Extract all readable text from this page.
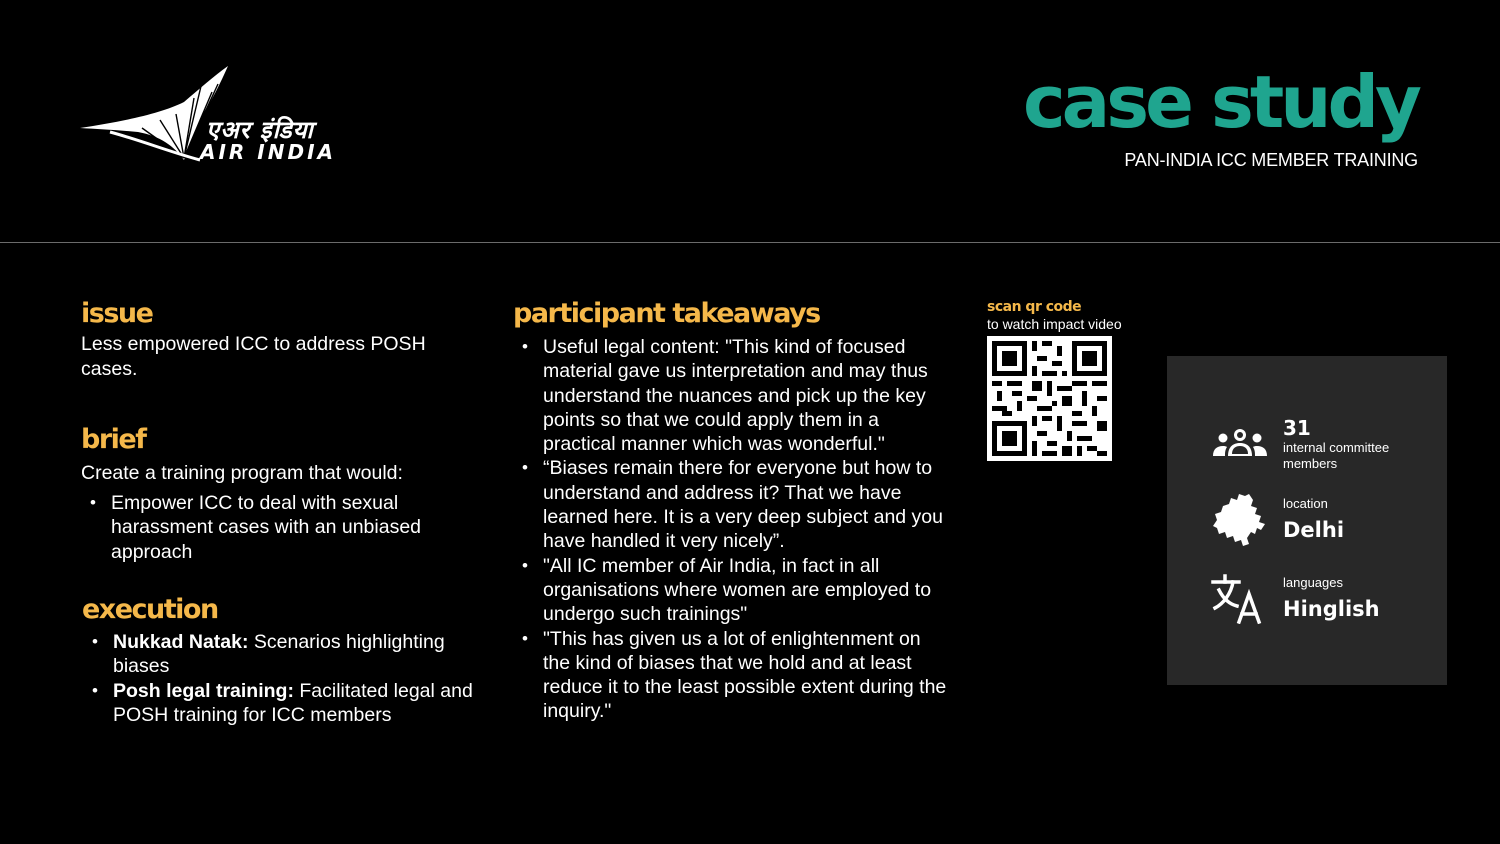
एअर इंडिया
AIR INDIA
case study
PAN-INDIA ICC MEMBER TRAINING
issue
Less empowered ICC to address POSH cases.
brief
Create a training program that would:
• Empower ICC to deal with sexual harassment cases with an unbiased approach
execution
• Nukkad Natak: Scenarios highlighting biases
• Posh legal training: Facilitated legal and POSH training for ICC members
participant takeaways
• Useful legal content: "This kind of focused material gave us interpretation and may thus understand the nuances and pick up the key points so that we could apply them in a practical manner which was wonderful."
• “Biases remain there for everyone but how to understand and address it? That we have learned here. It is a very deep subject and you have handled it very nicely”.
• "All IC member of Air India, in fact in all organisations where women are employed to undergo such trainings"
• "This has given us a lot of enlightenment on the kind of biases that we hold and at least reduce it to the least possible extent during the inquiry."
scan qr code
to watch impact video
31
internal committee members
location
Delhi
languages
Hinglish
